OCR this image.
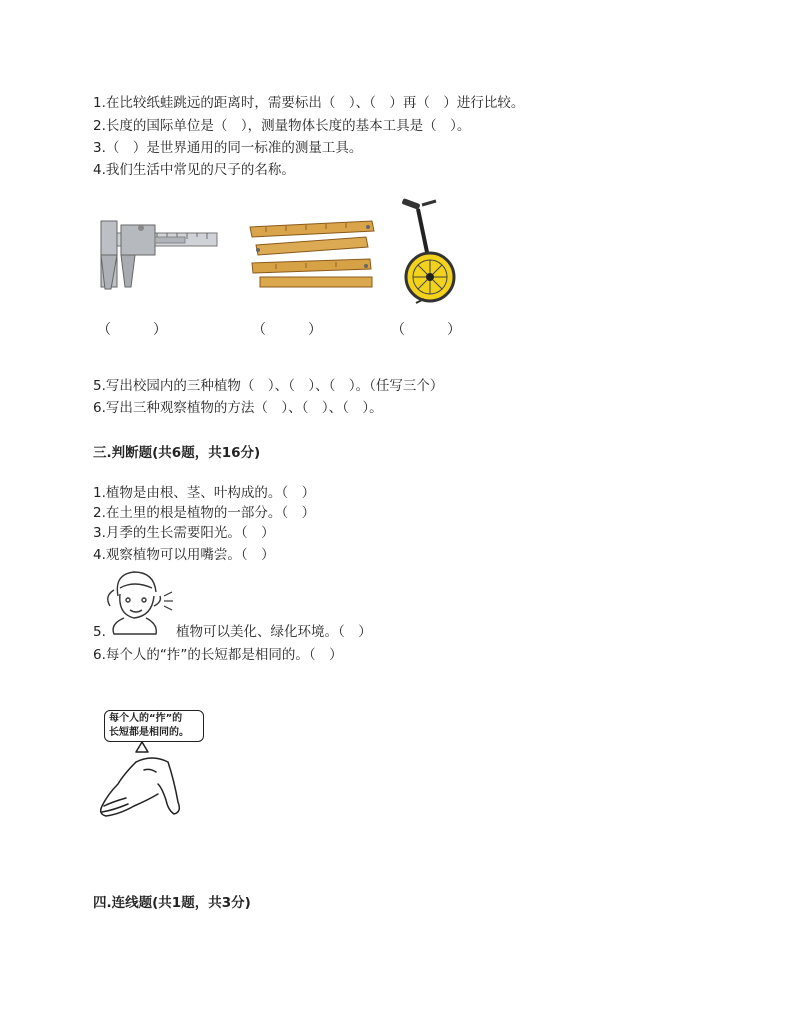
1.在比较纸蛙跳远的距离时，需要标出（　）、（　）再（　）进行比较。
2.长度的国际单位是（　），测量物体长度的基本工具是（　）。
3.（　）是世界通用的同一标准的测量工具。
4.我们生活中常见的尺子的名称。
（　　　）	（　　　）	（　　　）
5.写出校园内的三种植物（　）、（　）、（　）。（任写三个）
6.写出三种观察植物的方法（　）、（　）、（　）。
三.判断题(共6题，共16分)
1.植物是由根、茎、叶构成的。（　）
2.在土里的根是植物的一部分。（　）
3.月季的生长需要阳光。（　）
4.观察植物可以用嘴尝。（　）
5.	植物可以美化、绿化环境。（　）
6.每个人的“拃”的长短都是相同的。（　）
每个人的“拃”的
长短都是相同的。
四.连线题(共1题，共3分)
